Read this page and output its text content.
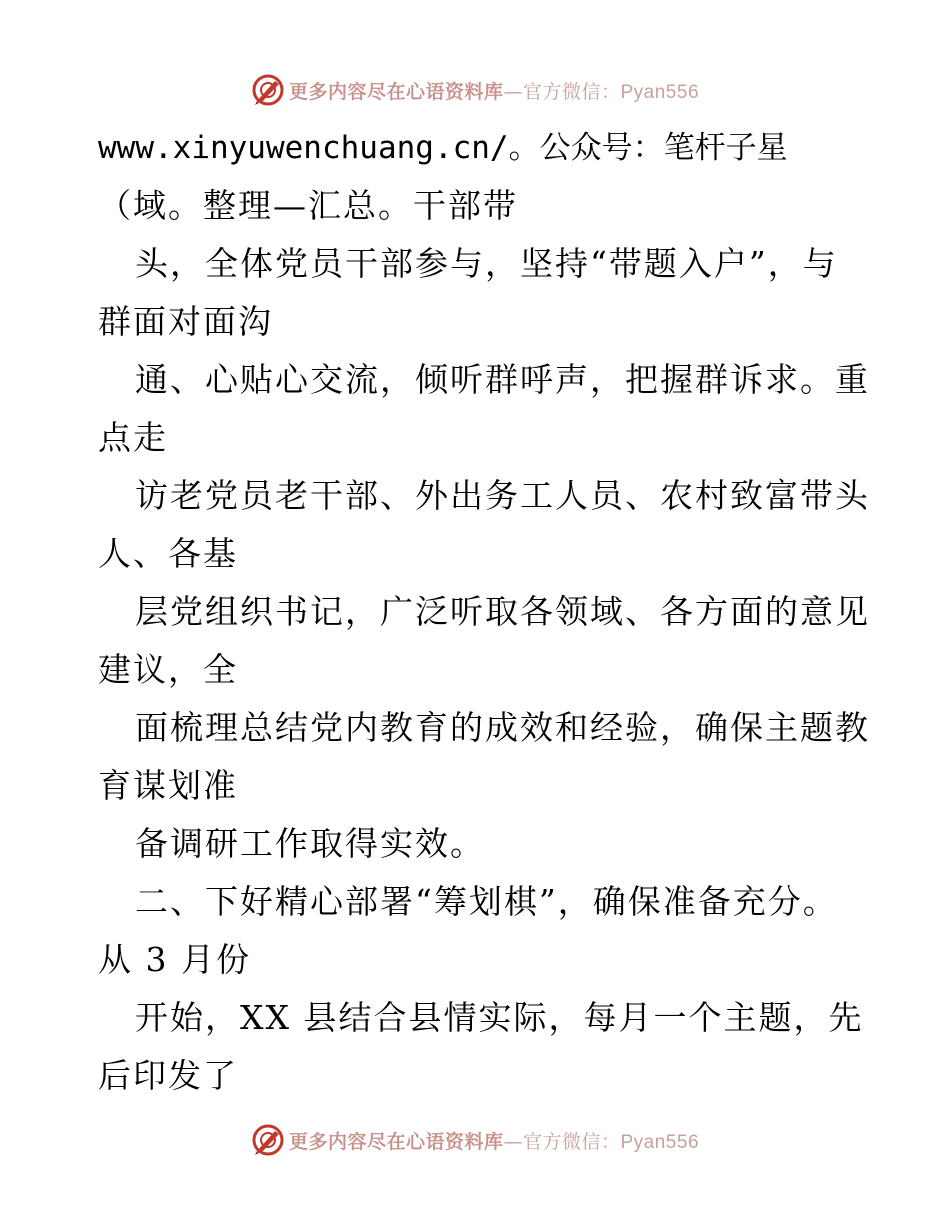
更多内容尽在心语资料库—官方微信：Pyan556
www.xinyuwenchuang.cn/。公众号：笔杆子星
（域。整理—汇总。干部带
头，全体党员干部参与，坚持“带题入户”，与
群面对面沟
通、心贴心交流，倾听群呼声，把握群诉求。重
点走
访老党员老干部、外出务工人员、农村致富带头
人、各基
层党组织书记，广泛听取各领域、各方面的意见
建议，全
面梳理总结党内教育的成效和经验，确保主题教
育谋划准
备调研工作取得实效。
二、下好精心部署“筹划棋”，确保准备充分。
从 3 月份
开始，XX 县结合县情实际，每月一个主题，先
后印发了
更多内容尽在心语资料库—官方微信：Pyan556
